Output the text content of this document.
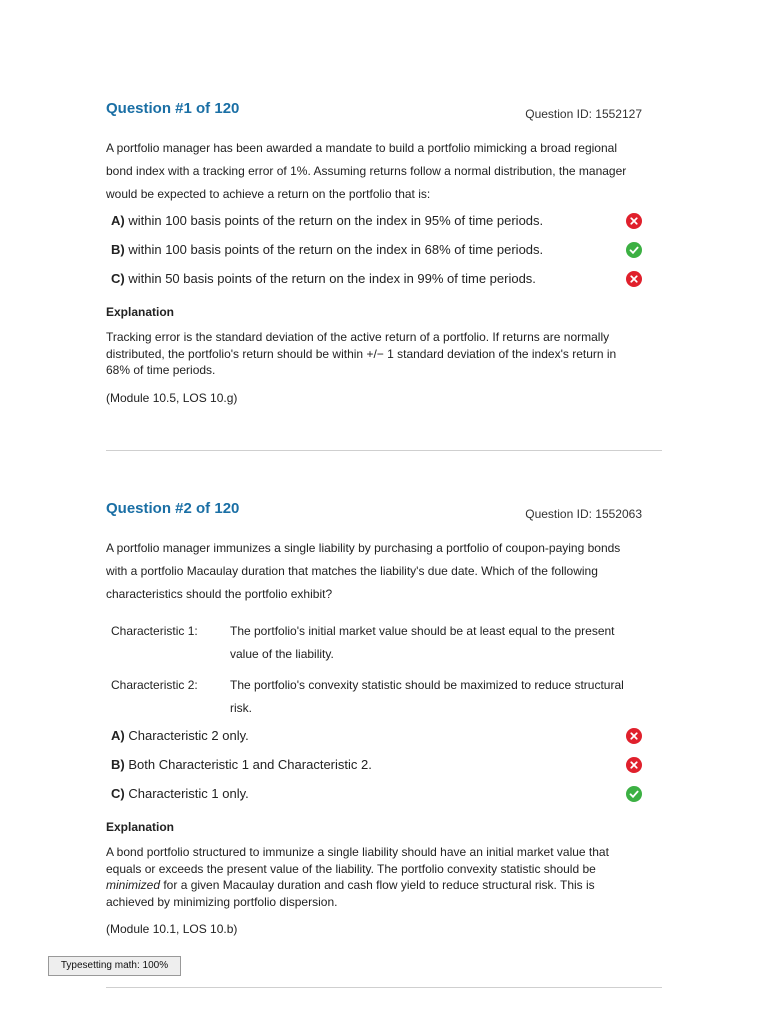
Question #1 of 120	Question ID: 1552127
A portfolio manager has been awarded a mandate to build a portfolio mimicking a broad regional bond index with a tracking error of 1%. Assuming returns follow a normal distribution, the manager would be expected to achieve a return on the portfolio that is:
A) within 100 basis points of the return on the index in 95% of time periods.
B) within 100 basis points of the return on the index in 68% of time periods.
C) within 50 basis points of the return on the index in 99% of time periods.
Explanation
Tracking error is the standard deviation of the active return of a portfolio. If returns are normally distributed, the portfolio's return should be within +/− 1 standard deviation of the index's return in 68% of time periods.
(Module 10.5, LOS 10.g)
Question #2 of 120	Question ID: 1552063
A portfolio manager immunizes a single liability by purchasing a portfolio of coupon-paying bonds with a portfolio Macaulay duration that matches the liability's due date. Which of the following characteristics should the portfolio exhibit?
Characteristic 1:	The portfolio's initial market value should be at least equal to the present value of the liability.
Characteristic 2:	The portfolio's convexity statistic should be maximized to reduce structural risk.
A) Characteristic 2 only.
B) Both Characteristic 1 and Characteristic 2.
C) Characteristic 1 only.
Explanation
A bond portfolio structured to immunize a single liability should have an initial market value that equals or exceeds the present value of the liability. The portfolio convexity statistic should be minimized for a given Macaulay duration and cash flow yield to reduce structural risk. This is achieved by minimizing portfolio dispersion.
(Module 10.1, LOS 10.b)
Typesetting math: 100%
